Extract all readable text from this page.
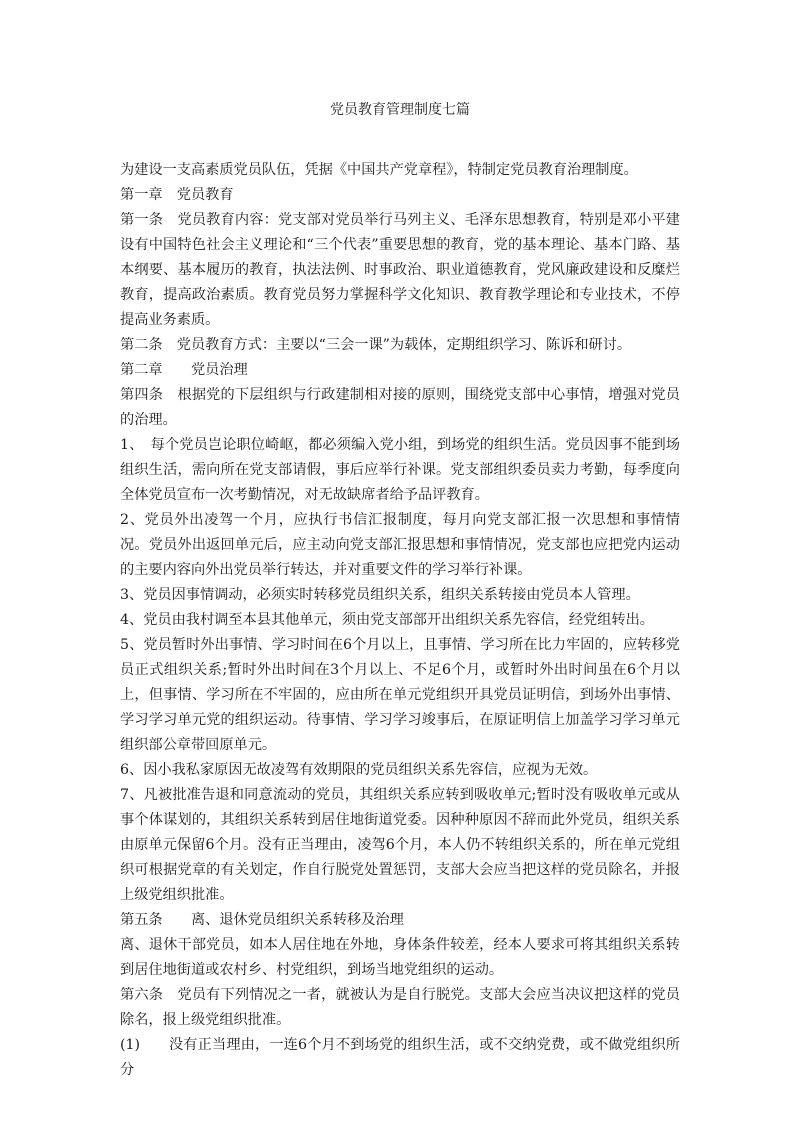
党员教育管理制度七篇

为建设一支高素质党员队伍，凭据《中国共产党章程》，特制定党员教育治理制度。

第一章　党员教育

第一条　党员教育内容：党支部对党员举行马列主义、毛泽东思想教育，特别是邓小平建设有中国特色社会主义理论和“三个代表”重要思想的教育，党的基本理论、基本门路、基本纲要、基本履历的教育，执法法例、时事政治、职业道德教育，党风廉政建设和反糜烂教育，提高政治素质。教育党员努力掌握科学文化知识、教育教学理论和专业技术，不停提高业务素质。

第二条　党员教育方式：主要以“三会一课”为载体，定期组织学习、陈诉和研讨。

第二章　　党员治理

第四条　根据党的下层组织与行政建制相对接的原则，围绕党支部中心事情，增强对党员的治理。

1、　每个党员岂论职位崎岖，都必须编入党小组，到场党的组织生活。党员因事不能到场组织生活，需向所在党支部请假，事后应举行补课。党支部组织委员卖力考勤，每季度向全体党员宣布一次考勤情况，对无故缺席者给予品评教育。

2、党员外出凌驾一个月，应执行书信汇报制度，每月向党支部汇报一次思想和事情情况。党员外出返回单元后，应主动向党支部汇报思想和事情情况，党支部也应把党内运动的主要内容向外出党员举行转达，并对重要文件的学习举行补课。

3、党员因事情调动，必须实时转移党员组织关系，组织关系转接由党员本人管理。

4、党员由我村调至本县其他单元，须由党支部部开出组织关系先容信，经党组转出。

5、党员暂时外出事情、学习时间在6个月以上，且事情、学习所在比力牢固的，应转移党员正式组织关系;暂时外出时间在3个月以上、不足6个月，或暂时外出时间虽在6个月以上，但事情、学习所在不牢固的，应由所在单元党组织开具党员证明信，到场外出事情、学习学习单元党的组织运动。待事情、学习学习竣事后，在原证明信上加盖学习学习单元组织部公章带回原单元。

6、因小我私家原因无故凌驾有效期限的党员组织关系先容信，应视为无效。

7、凡被批准告退和同意流动的党员，其组织关系应转到吸收单元;暂时没有吸收单元或从事个体谋划的，其组织关系转到居住地街道党委。因种种原因不辞而此外党员，组织关系由原单元保留6个月。没有正当理由，凌驾6个月，本人仍不转组织关系的，所在单元党组织可根据党章的有关划定，作自行脱党处置惩罚，支部大会应当把这样的党员除名，并报上级党组织批准。

第五条　　离、退休党员组织关系转移及治理

离、退休干部党员，如本人居住地在外地，身体条件较差，经本人要求可将其组织关系转到居住地街道或农村乡、村党组织，到场当地党组织的运动。

第六条　党员有下列情况之一者，就被认为是自行脱党。支部大会应当决议把这样的党员除名，报上级党组织批准。

(1)　　没有正当理由，一连6个月不到场党的组织生活，或不交纳党费，或不做党组织所分
